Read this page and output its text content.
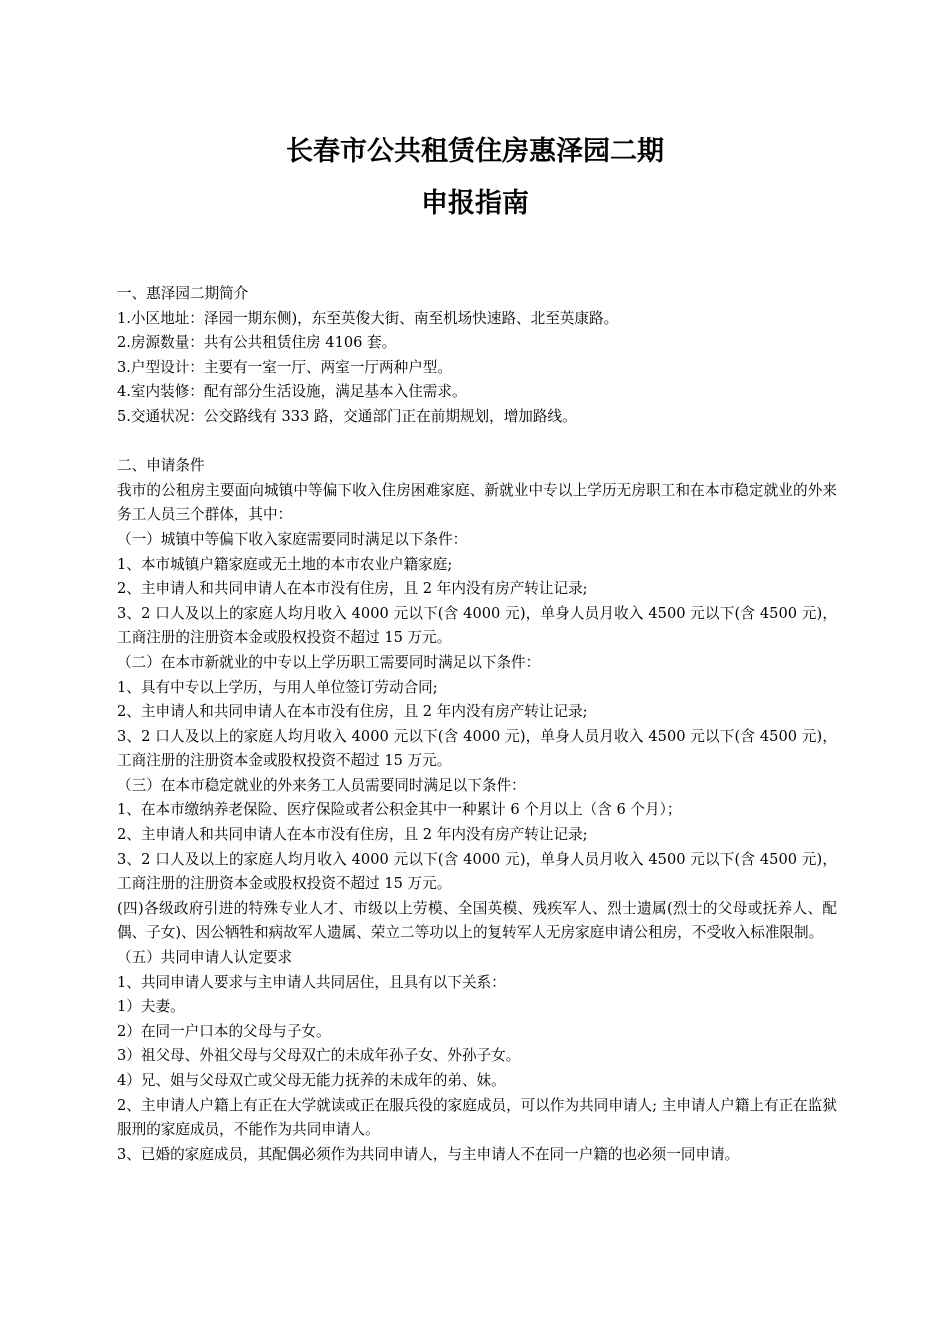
长春市公共租赁住房惠泽园二期
申报指南

一、惠泽园二期简介

1.小区地址：泽园一期东侧)，东至英俊大街、南至机场快速路、北至英康路。

2.房源数量：共有公共租赁住房 4106 套。

3.户型设计：主要有一室一厅、两室一厅两种户型。

4.室内装修：配有部分生活设施，满足基本入住需求。

5.交通状况：公交路线有 333 路，交通部门正在前期规划，增加路线。

二、申请条件

我市的公租房主要面向城镇中等偏下收入住房困难家庭、新就业中专以上学历无房职工和在本市稳定就业的外来务工人员三个群体，其中：

（一）城镇中等偏下收入家庭需要同时满足以下条件：

1、本市城镇户籍家庭或无土地的本市农业户籍家庭;

2、主申请人和共同申请人在本市没有住房，且 2 年内没有房产转让记录;

3、2 口人及以上的家庭人均月收入 4000 元以下(含 4000 元)，单身人员月收入 4500 元以下(含 4500 元)，工商注册的注册资本金或股权投资不超过 15 万元。

（二）在本市新就业的中专以上学历职工需要同时满足以下条件：

1、具有中专以上学历，与用人单位签订劳动合同;

2、主申请人和共同申请人在本市没有住房，且 2 年内没有房产转让记录;

3、2 口人及以上的家庭人均月收入 4000 元以下(含 4000 元)，单身人员月收入 4500 元以下(含 4500 元)，工商注册的注册资本金或股权投资不超过 15 万元。

（三）在本市稳定就业的外来务工人员需要同时满足以下条件：

1、在本市缴纳养老保险、医疗保险或者公积金其中一种累计 6 个月以上（含 6 个月）；

2、主申请人和共同申请人在本市没有住房，且 2 年内没有房产转让记录;

3、2 口人及以上的家庭人均月收入 4000 元以下(含 4000 元)，单身人员月收入 4500 元以下(含 4500 元)，工商注册的注册资本金或股权投资不超过 15 万元。

(四)各级政府引进的特殊专业人才、市级以上劳模、全国英模、残疾军人、烈士遗属(烈士的父母或抚养人、配偶、子女)、因公牺牲和病故军人遗属、荣立二等功以上的复转军人无房家庭申请公租房，不受收入标准限制。

（五）共同申请人认定要求

1、共同申请人要求与主申请人共同居住，且具有以下关系：

1）夫妻。

2）在同一户口本的父母与子女。

3）祖父母、外祖父母与父母双亡的未成年孙子女、外孙子女。

4）兄、姐与父母双亡或父母无能力抚养的未成年的弟、妹。

2、主申请人户籍上有正在大学就读或正在服兵役的家庭成员，可以作为共同申请人; 主申请人户籍上有正在监狱服刑的家庭成员，不能作为共同申请人。

3、已婚的家庭成员，其配偶必须作为共同申请人，与主申请人不在同一户籍的也必须一同申请。
